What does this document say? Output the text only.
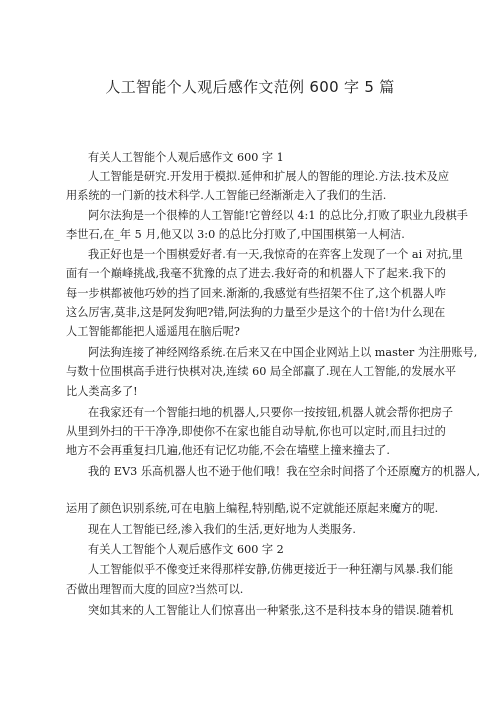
人工智能个人观后感作文范例 600 字 5 篇
有关人工智能个人观后感作文 600 字 1
人工智能是研究.开发用于模拟.延伸和扩展人的智能的理论.方法.技术及应
用系统的一门新的技术科学.人工智能已经渐渐走入了我们的生活.
阿尔法狗是一个很棒的人工智能!它曾经以 4:1 的总比分,打败了职业九段棋手
李世石,在_年 5 月,他又以 3:0 的总比分打败了,中国围棋第一人柯洁.
我正好也是一个围棋爱好者.有一天,我惊奇的在弈客上发现了一个 ai 对抗,里
面有一个巅峰挑战,我毫不犹豫的点了进去.我好奇的和机器人下了起来.我下的
每一步棋都被他巧妙的挡了回来.渐渐的,我感觉有些招架不住了,这个机器人咋
这么厉害,莫非,这是阿发狗吧?错,阿法狗的力量至少是这个的十倍!为什么现在
人工智能都能把人遥遥甩在脑后呢?
阿法狗连接了神经网络系统.在后来又在中国企业网站上以 master 为注册账号,
与数十位围棋高手进行快棋对决,连续 60 局全部赢了.现在人工智能,的发展水平
比人类高多了!
在我家还有一个智能扫地的机器人,只要你一按按钮,机器人就会帮你把房子
从里到外扫的干干净净,即使你不在家也能自动导航,你也可以定时,而且扫过的
地方不会再重复扫几遍,他还有记忆功能,不会在墙壁上撞来撞去了.
我的 EV3 乐高机器人也不逊于他们哦！我在空余时间搭了个还原魔方的机器人,
运用了颜色识别系统,可在电脑上编程,特别酷,说不定就能还原起来魔方的呢.
现在人工智能已经,渗入我们的生活,更好地为人类服务.
有关人工智能个人观后感作文 600 字 2
人工智能似乎不像变迁来得那样安静,仿佛更接近于一种狂潮与风暴.我们能
否做出理智而大度的回应?当然可以.
突如其来的人工智能让人们惊喜出一种紧张,这不是科技本身的错误.随着机
